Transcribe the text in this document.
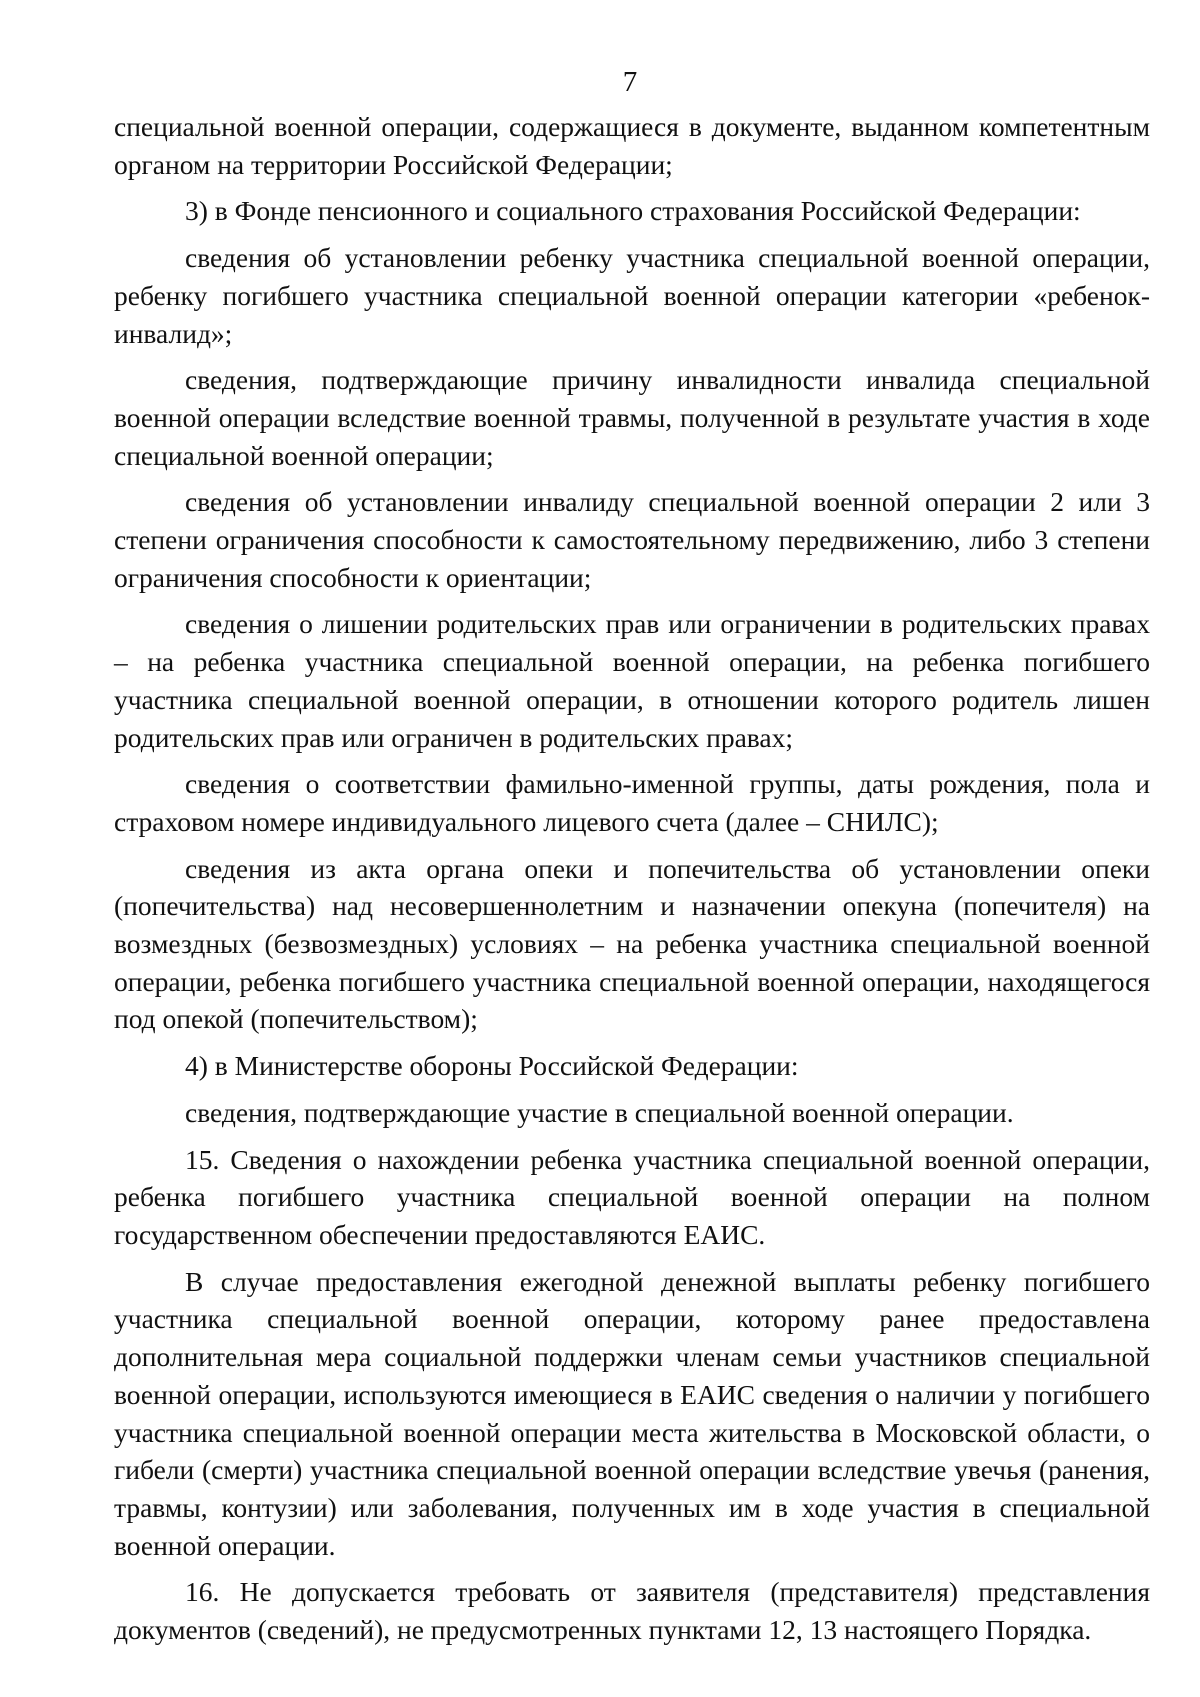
7

специальной военной операции, содержащиеся в документе, выданном компетентным органом на территории Российской Федерации;

3) в Фонде пенсионного и социального страхования Российской Федерации:

сведения об установлении ребенку участника специальной военной операции, ребенку погибшего участника специальной военной операции категории «ребенок-инвалид»;

сведения, подтверждающие причину инвалидности инвалида специальной военной операции вследствие военной травмы, полученной в результате участия в ходе специальной военной операции;

сведения об установлении инвалиду специальной военной операции 2 или 3 степени ограничения способности к самостоятельному передвижению, либо 3 степени ограничения способности к ориентации;

сведения о лишении родительских прав или ограничении в родительских правах – на ребенка участника специальной военной операции, на ребенка погибшего участника специальной военной операции, в отношении которого родитель лишен родительских прав или ограничен в родительских правах;

сведения о соответствии фамильно-именной группы, даты рождения, пола и страховом номере индивидуального лицевого счета (далее – СНИЛС);

сведения из акта органа опеки и попечительства об установлении опеки (попечительства) над несовершеннолетним и назначении опекуна (попечителя) на возмездных (безвозмездных) условиях – на ребенка участника специальной военной операции, ребенка погибшего участника специальной военной операции, находящегося под опекой (попечительством);

4) в Министерстве обороны Российской Федерации:

сведения, подтверждающие участие в специальной военной операции.

15. Сведения о нахождении ребенка участника специальной военной операции, ребенка погибшего участника специальной военной операции на полном государственном обеспечении предоставляются ЕАИС.

В случае предоставления ежегодной денежной выплаты ребенку погибшего участника специальной военной операции, которому ранее предоставлена дополнительная мера социальной поддержки членам семьи участников специальной военной операции, используются имеющиеся в ЕАИС сведения о наличии у погибшего участника специальной военной операции места жительства в Московской области, о гибели (смерти) участника специальной военной операции вследствие увечья (ранения, травмы, контузии) или заболевания, полученных им в ходе участия в специальной военной операции.

16. Не допускается требовать от заявителя (представителя) представления документов (сведений), не предусмотренных пунктами 12, 13 настоящего Порядка.
